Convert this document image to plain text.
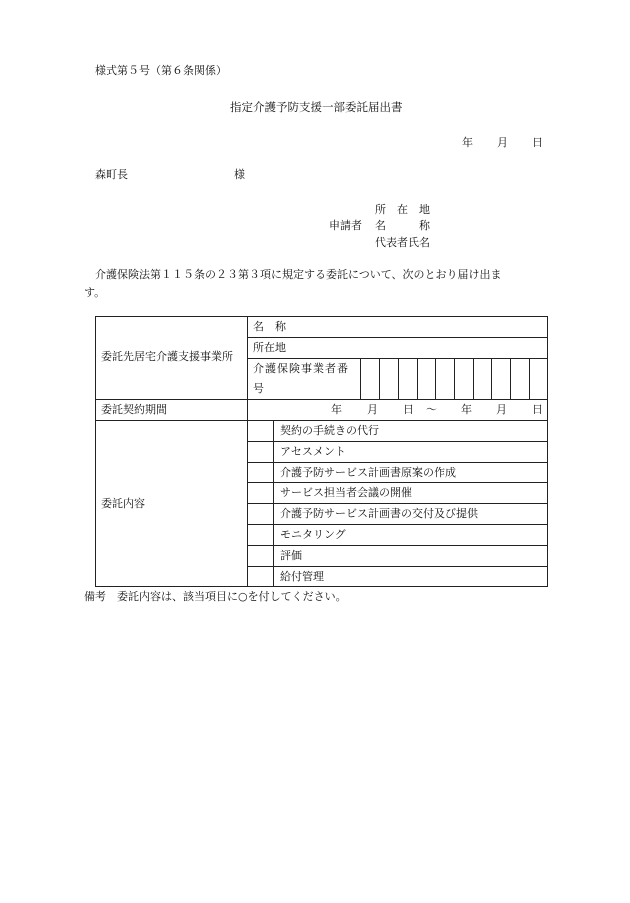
様式第５号（第６条関係）
指定介護予防支援一部委託届出書
年 月 日
森町長	様
所　在　地
申請者 名　　　称
代表者氏名
　介護保険法第１１５条の２３第３項に規定する委託について、次のとおり届け出ま
す。
委託先居宅介護支援事業所
委託契約期間
委託内容
名　称
所在地
介護保険事業者番
号
年 月 日 ～ 年 月 日
契約の手続きの代行
アセスメント
介護予防サービス計画書原案の作成
サービス担当者会議の開催
介護予防サービス計画書の交付及び提供
モニタリング
評価
給付管理
備考　委託内容は、該当項目に○を付してください。
